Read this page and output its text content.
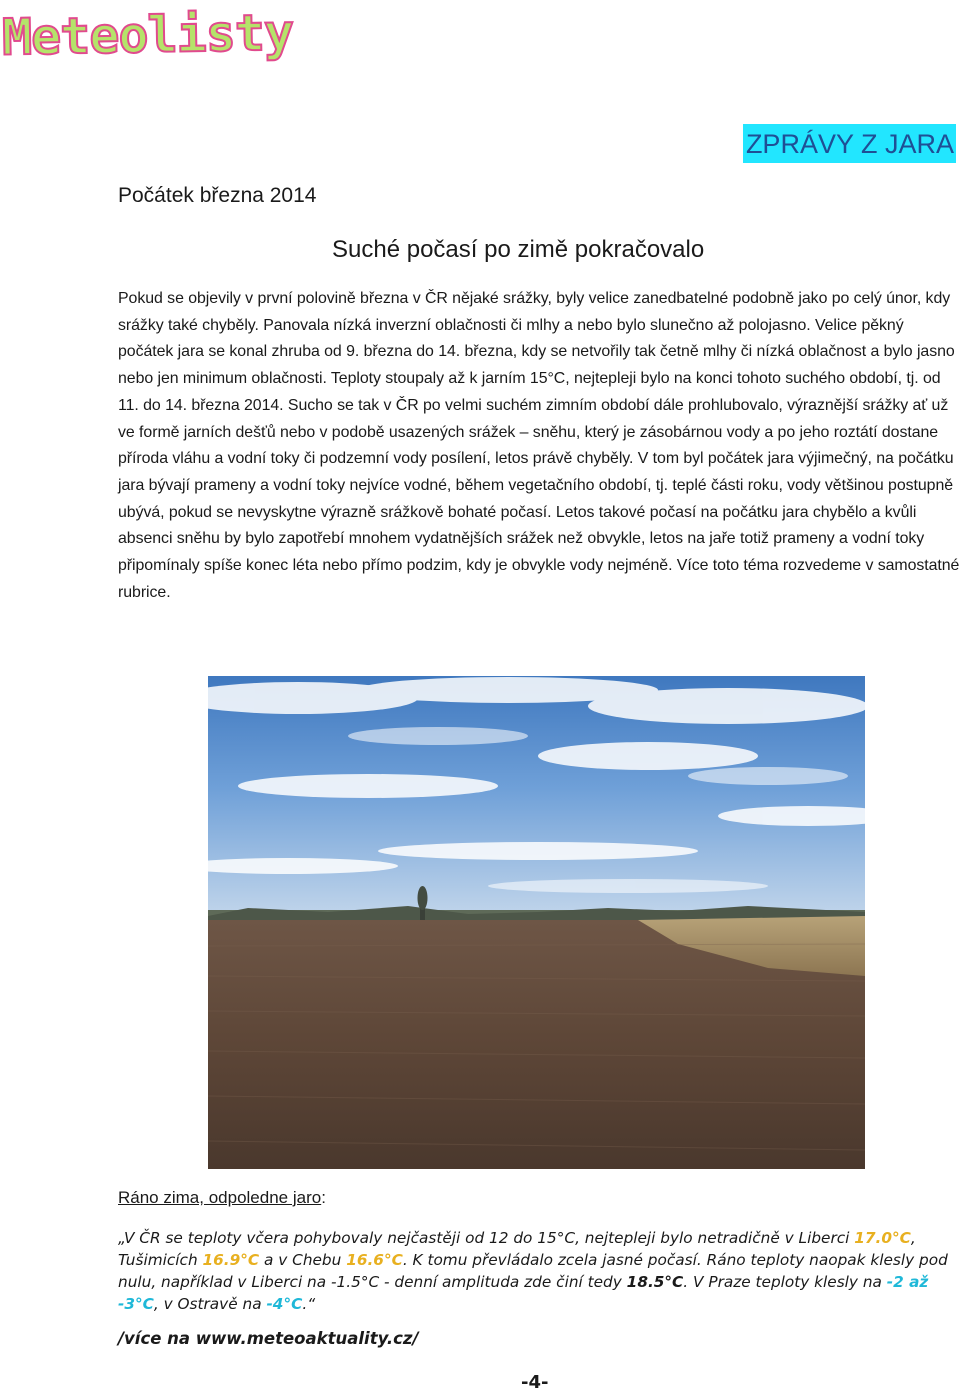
Meteolisty
ZPRÁVY Z JARA
Počátek března 2014
Suché počasí po zimě pokračovalo

Pokud se objevily v první polovině března v ČR nějaké srážky, byly velice zanedbatelné podobně jako po celý únor, kdy srážky také chyběly. Panovala nízká inverzní oblačnosti či mlhy a nebo bylo slunečno až polojasno. Velice pěkný počátek jara se konal zhruba od 9. března do 14. března, kdy se netvořily tak četně mlhy či nízká oblačnost a bylo jasno nebo jen minimum oblačnosti. Teploty stoupaly až k jarním 15°C, nejtepleji bylo na konci tohoto suchého období, tj. od 11. do 14. března 2014. Sucho se tak v ČR po velmi suchém zimním období dále prohlubovalo, výraznější srážky ať už ve formě jarních dešťů nebo v podobě usazených srážek – sněhu, který je zásobárnou vody a po jeho roztátí dostane příroda vláhu a vodní toky či podzemní vody posílení, letos právě chyběly. V tom byl počátek jara výjimečný, na počátku jara bývají prameny a vodní toky nejvíce vodné, během vegetačního období, tj. teplé části roku, vody většinou postupně ubývá, pokud se nevyskytne výrazně srážkově bohaté počasí. Letos takové počasí na počátku jara chybělo a kvůli absenci sněhu by bylo zapotřebí mnohem vydatnějších srážek než obvykle, letos na jaře totiž prameny a vodní toky připomínaly spíše konec léta nebo přímo podzim, kdy je obvykle vody nejméně. Více toto téma rozvedeme v samostatné rubrice.

Ráno zima, odpoledne jaro:

„V ČR se teploty včera pohybovaly nejčastěji od 12 do 15°C, nejtepleji bylo netradičně v Liberci 17.0°C, Tušimicích 16.9°C a v Chebu 16.6°C. K tomu převládalo zcela jasné počasí. Ráno teploty naopak klesly pod nulu, například v Liberci na -1.5°C - denní amplituda zde činí tedy 18.5°C. V Praze teploty klesly na -2 až -3°C, v Ostravě na -4°C.“

/více na www.meteoaktuality.cz/
-4-
